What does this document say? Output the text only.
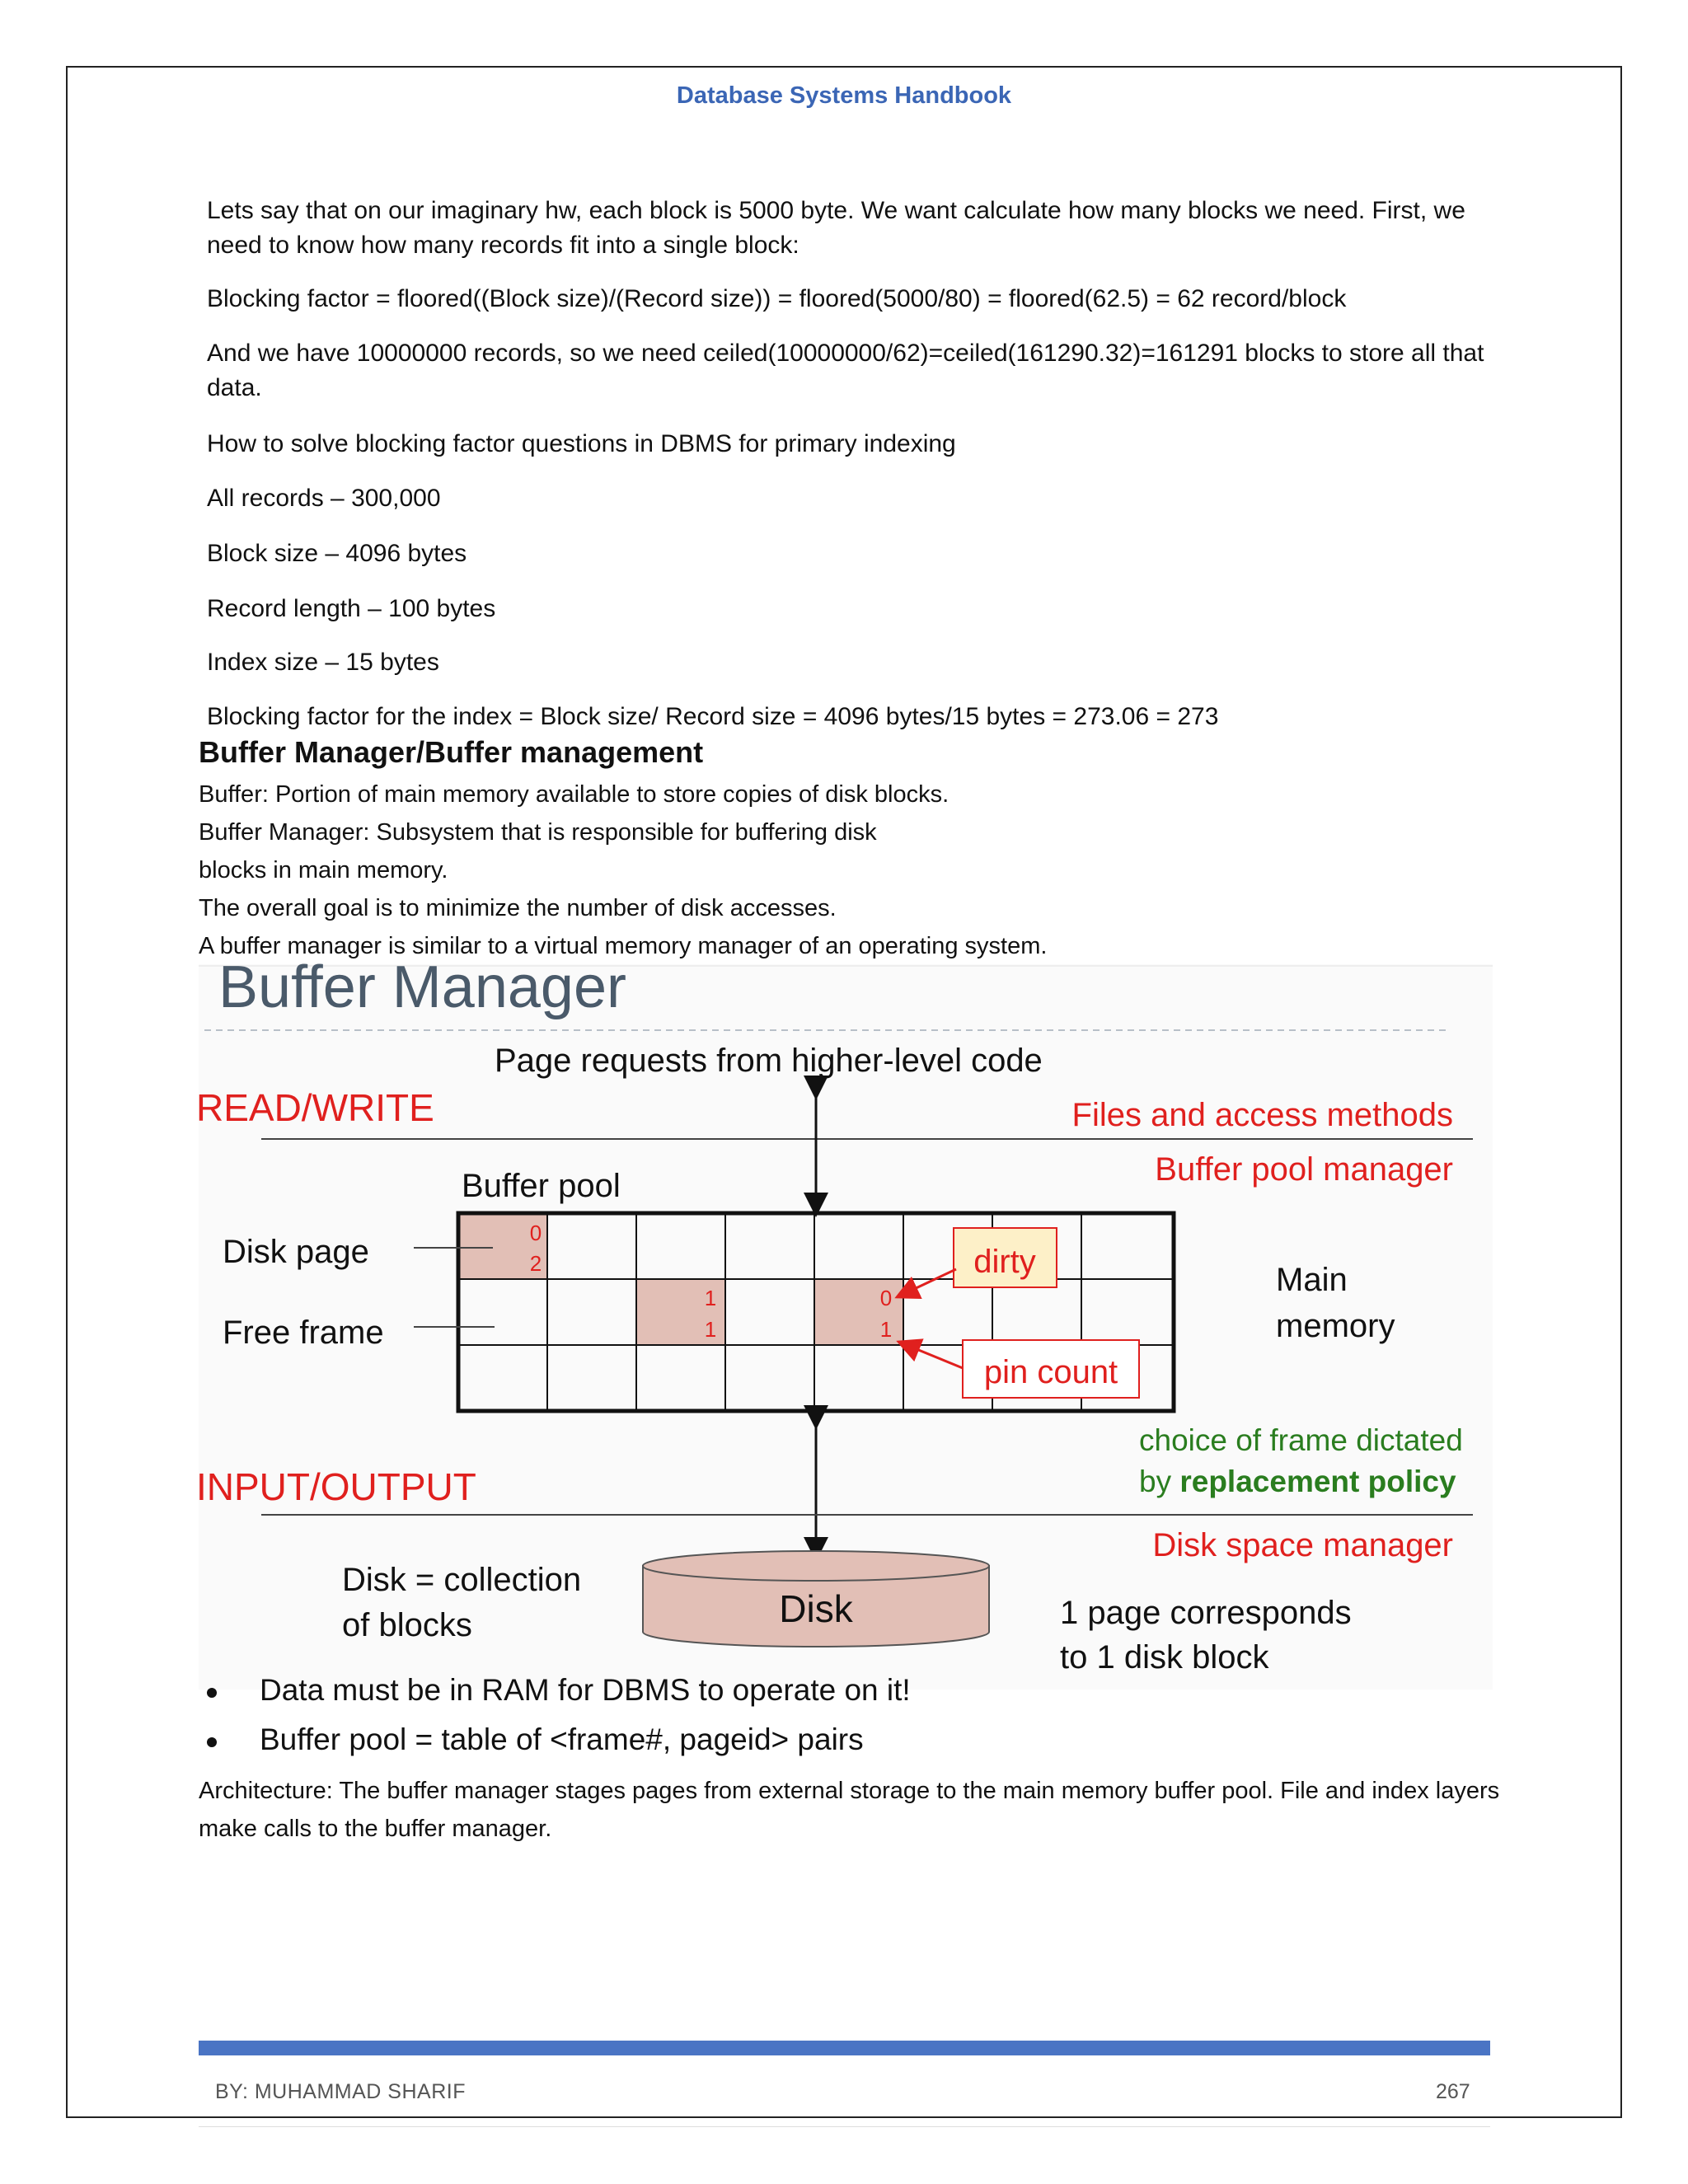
Database Systems Handbook
Lets say that on our imaginary hw, each block is 5000 byte. We want calculate how many blocks we need. First, we need to know how many records fit into a single block:
Blocking factor = floored((Block size)/(Record size)) = floored(5000/80) = floored(62.5) = 62 record/block
And we have 10000000 records, so we need ceiled(10000000/62)=ceiled(161290.32)=161291 blocks to store all that data.
How to solve blocking factor questions in DBMS for primary indexing
All records – 300,000
Block size – 4096 bytes
Record length – 100 bytes
Index size – 15 bytes
Blocking factor for the index = Block size/ Record size = 4096 bytes/15 bytes = 273.06 = 273
Buffer Manager/Buffer management
Buffer: Portion of main memory available to store copies of disk blocks.
Buffer Manager: Subsystem that is responsible for buffering disk
blocks in main memory.
The overall goal is to minimize the number of disk accesses.
A buffer manager is similar to a virtual memory manager of an operating system.
Buffer Manager
Page requests from higher-level code
READ/WRITE	Files and access methods
Buffer pool manager
Buffer pool
0
2
1
1
0
1
Disk page
Free frame
dirty
pin count
Main
memory
choice of frame dictated
by replacement policy
INPUT/OUTPUT
Disk space manager
Disk
Disk = collection
of blocks	1 page corresponds
to 1 disk block
Data must be in RAM for DBMS to operate on it!
Buffer pool = table of <frame#, pageid> pairs
Architecture: The buffer manager stages pages from external storage to the main memory buffer pool. File and index layers make calls to the buffer manager.
BY: MUHAMMAD SHARIF	267
